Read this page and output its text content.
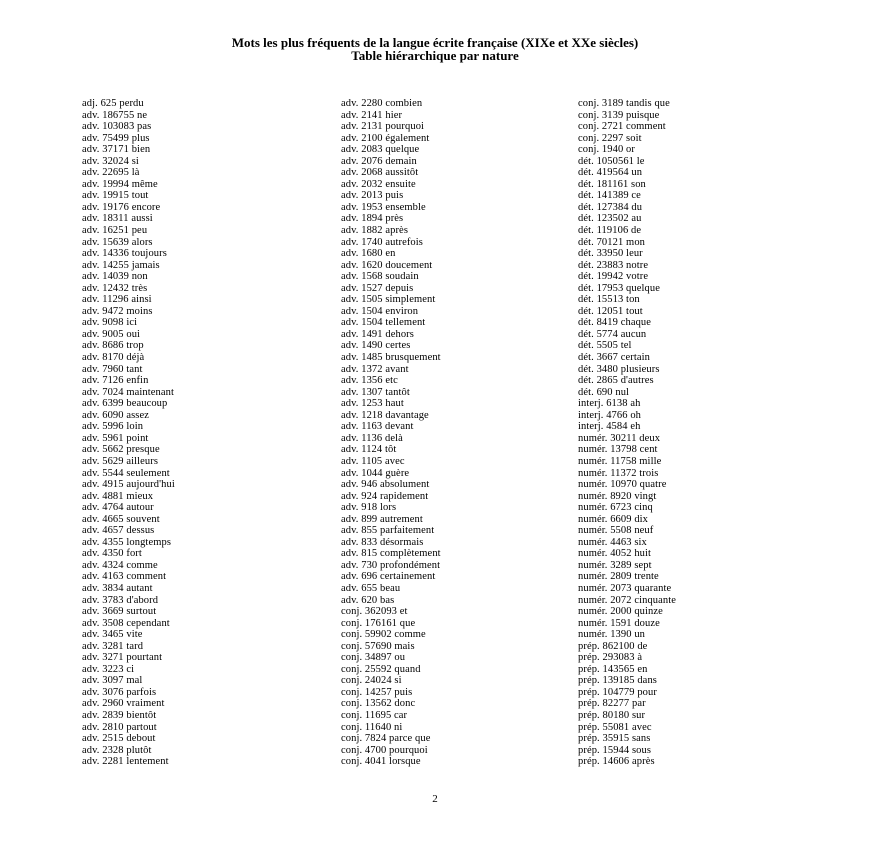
Mots les plus fréquents de la langue écrite française (XIXe et XXe siècles)
Table hiérarchique par nature
adj. 625 perdu
adv. 186755 ne
adv. 103083 pas
adv. 75499 plus
adv. 37171 bien
adv. 32024 si
adv. 22695 là
adv. 19994 même
adv. 19915 tout
adv. 19176 encore
adv. 18311 aussi
adv. 16251 peu
adv. 15639 alors
adv. 14336 toujours
adv. 14255 jamais
adv. 14039 non
adv. 12432 très
adv. 11296 ainsi
adv. 9472 moins
adv. 9098 ici
adv. 9005 oui
adv. 8686 trop
adv. 8170 déjà
adv. 7960 tant
adv. 7126 enfin
adv. 7024 maintenant
adv. 6399 beaucoup
adv. 6090 assez
adv. 5996 loin
adv. 5961 point
adv. 5662 presque
adv. 5629 ailleurs
adv. 5544 seulement
adv. 4915 aujourd'hui
adv. 4881 mieux
adv. 4764 autour
adv. 4665 souvent
adv. 4657 dessus
adv. 4355 longtemps
adv. 4350 fort
adv. 4324 comme
adv. 4163 comment
adv. 3834 autant
adv. 3783 d'abord
adv. 3669 surtout
adv. 3508 cependant
adv. 3465 vite
adv. 3281 tard
adv. 3271 pourtant
adv. 3223 ci
adv. 3097 mal
adv. 3076 parfois
adv. 2960 vraiment
adv. 2839 bientôt
adv. 2810 partout
adv. 2515 debout
adv. 2328 plutôt
adv. 2281 lentement
adv. 2280 combien
adv. 2141 hier
adv. 2131 pourquoi
adv. 2100 également
adv. 2083 quelque
adv. 2076 demain
adv. 2068 aussitôt
adv. 2032 ensuite
adv. 2013 puis
adv. 1953 ensemble
adv. 1894 près
adv. 1882 après
adv. 1740 autrefois
adv. 1680 en
adv. 1620 doucement
adv. 1568 soudain
adv. 1527 depuis
adv. 1505 simplement
adv. 1504 environ
adv. 1504 tellement
adv. 1491 dehors
adv. 1490 certes
adv. 1485 brusquement
adv. 1372 avant
adv. 1356 etc
adv. 1307 tantôt
adv. 1253 haut
adv. 1218 davantage
adv. 1163 devant
adv. 1136 delà
adv. 1124 tôt
adv. 1105 avec
adv. 1044 guère
adv. 946 absolument
adv. 924 rapidement
adv. 918 lors
adv. 899 autrement
adv. 855 parfaitement
adv. 833 désormais
adv. 815 complètement
adv. 730 profondément
adv. 696 certainement
adv. 655 beau
adv. 620 bas
conj. 362093 et
conj. 176161 que
conj. 59902 comme
conj. 57690 mais
conj. 34897 ou
conj. 25592 quand
conj. 24024 si
conj. 14257 puis
conj. 13562 donc
conj. 11695 car
conj. 11640 ni
conj. 7824 parce que
conj. 4700 pourquoi
conj. 4041 lorsque
conj. 3189 tandis que
conj. 3139 puisque
conj. 2721 comment
conj. 2297 soit
conj. 1940 or
dét. 1050561 le
dét. 419564 un
dét. 181161 son
dét. 141389 ce
dét. 127384 du
dét. 123502 au
dét. 119106 de
dét. 70121 mon
dét. 33950 leur
dét. 23883 notre
dét. 19942 votre
dét. 17953 quelque
dét. 15513 ton
dét. 12051 tout
dét. 8419 chaque
dét. 5774 aucun
dét. 5505 tel
dét. 3667 certain
dét. 3480 plusieurs
dét. 2865 d'autres
dét. 690 nul
interj. 6138 ah
interj. 4766 oh
interj. 4584 eh
numér. 30211 deux
numér. 13798 cent
numér. 11758 mille
numér. 11372 trois
numér. 10970 quatre
numér. 8920 vingt
numér. 6723 cinq
numér. 6609 dix
numér. 5508 neuf
numér. 4463 six
numér. 4052 huit
numér. 3289 sept
numér. 2809 trente
numér. 2073 quarante
numér. 2072 cinquante
numér. 2000 quinze
numér. 1591 douze
numér. 1390 un
prép. 862100 de
prép. 293083 à
prép. 143565 en
prép. 139185 dans
prép. 104779 pour
prép. 82277 par
prép. 80180 sur
prép. 55081 avec
prép. 35915 sans
prép. 15944 sous
prép. 14606 après
2
